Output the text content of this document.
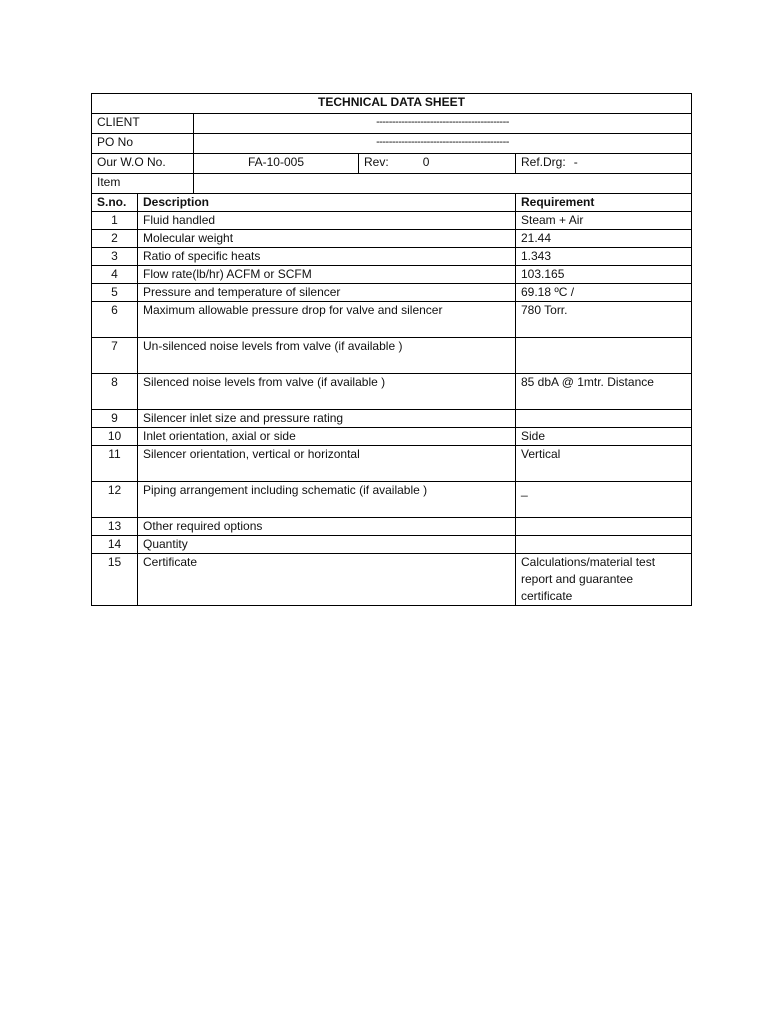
TECHNICAL DATA SHEET				
CLIENT		------------------------------------------		
PO No		------------------------------------------		
Our W.O No.		FA-10-005	Rev: 0	Ref.Drg: -
Item				
S.no.	Description			Requirement
1	Fluid handled			Steam + Air
2	Molecular weight			21.44
3	Ratio of specific heats			1.343
4	Flow rate(lb/hr) ACFM or SCFM			103.165
5	Pressure and temperature of silencer			69.18 ºC /
6	Maximum allowable pressure drop for valve and silencer			780 Torr.
7	Un-silenced noise levels from valve (if available )			
8	Silenced noise levels from valve (if available )			85 dbA @ 1mtr. Distance
9	Silencer inlet size and pressure rating			
10	Inlet orientation, axial or side			Side
11	Silencer orientation, vertical or horizontal			Vertical
12	Piping arrangement including schematic (if available )			_
13	Other required options			
14	Quantity			
15	Certificate			Calculations/material test report and guarantee certificate
